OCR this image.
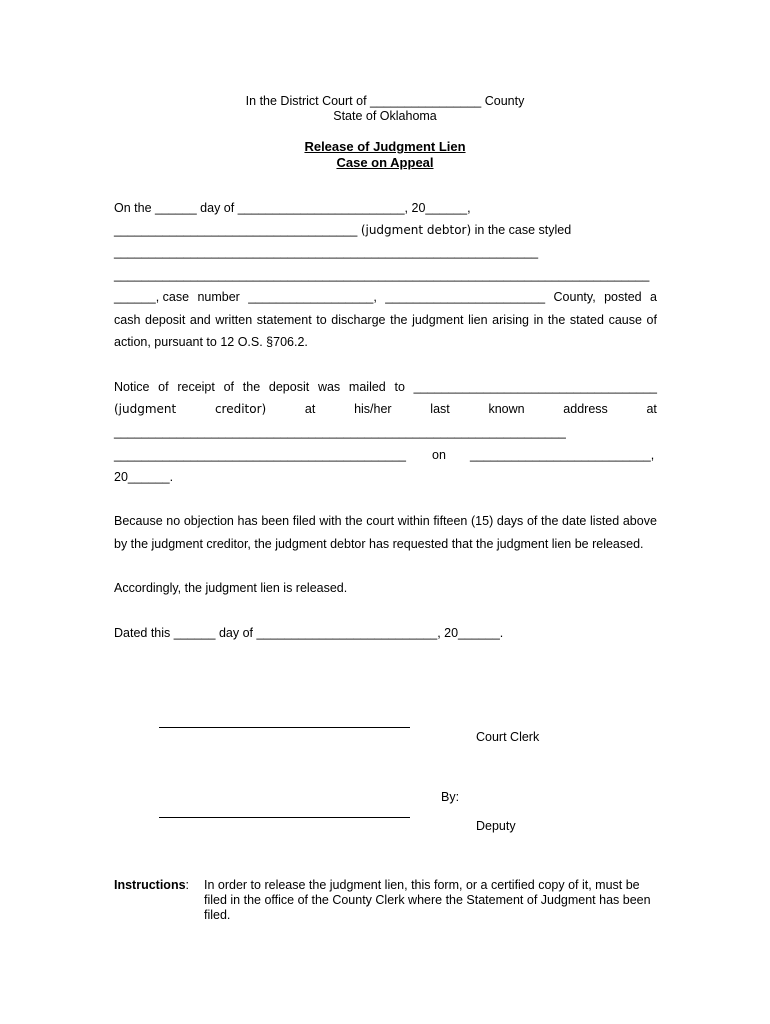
In the District Court of ________________ County
State of Oklahoma
Release of Judgment Lien
Case on Appeal
On the ______ day of ________________________, 20______,
___________________________________ (judgment debtor) in the case styled
_____________________________________________________________
_____________________________________________________________________________
______, case number __________________, _______________________ County, posted a
cash deposit and written statement to discharge the judgment lien arising in the stated cause of
action, pursuant to 12 O.S. §706.2.
Notice of receipt of the deposit was mailed to ___________________________________
(judgment	creditor)	at	his/her	last	known	address	at
_________________________________________________________________
__________________________________________ on __________________________,
20______.
Because no objection has been filed with the court within fifteen (15) days of the date listed above
by the judgment creditor, the judgment debtor has requested that the judgment lien be released.
Accordingly, the judgment lien is released.
Dated this ______ day of __________________________, 20______.
Court Clerk
By:
Deputy
Instructions: In order to release the judgment lien, this form, or a certified copy of it, must be filed in the office of the County Clerk where the Statement of Judgment has been filed.
